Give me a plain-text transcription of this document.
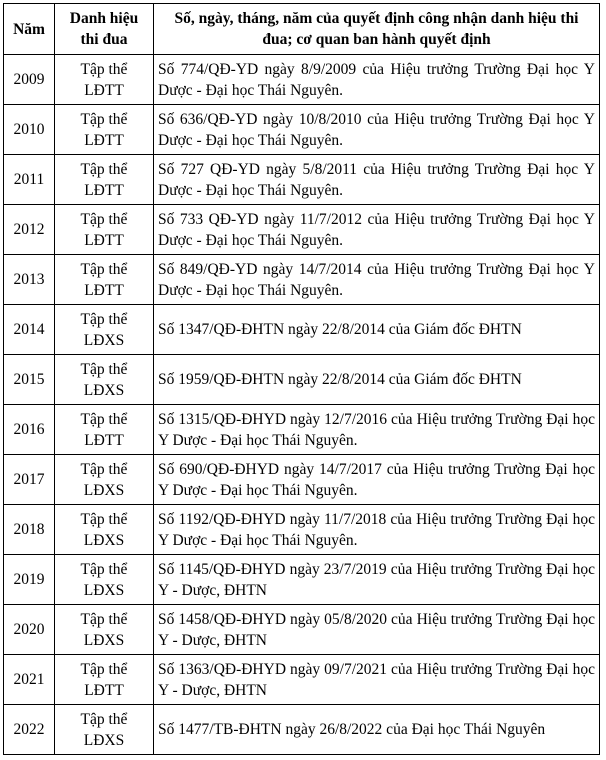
Năm	Danh hiệu thi đua	Số, ngày, tháng, năm của quyết định công nhận danh hiệu thi đua; cơ quan ban hành quyết định
2009	Tập thể LĐTT	Số 774/QĐ-YD ngày 8/9/2009 của Hiệu trưởng Trường Đại học Y Dược - Đại học Thái Nguyên.
2010	Tập thể LĐTT	Số 636/QĐ-YD ngày 10/8/2010 của Hiệu trưởng Trường Đại học Y Dược - Đại học Thái Nguyên.
2011	Tập thể LĐTT	Số 727 QĐ-YD ngày 5/8/2011 của Hiệu trưởng Trường Đại học Y Dược - Đại học Thái Nguyên.
2012	Tập thể LĐTT	Số 733 QĐ-YD ngày 11/7/2012 của Hiệu trưởng Trường Đại học Y Dược - Đại học Thái Nguyên.
2013	Tập thể LĐTT	Số 849/QĐ-YD ngày 14/7/2014 của Hiệu trưởng Trường Đại học Y Dược - Đại học Thái Nguyên.
2014	Tập thể LĐXS	Số 1347/QĐ-ĐHTN ngày 22/8/2014 của Giám đốc ĐHTN
2015	Tập thể LĐXS	Số 1959/QĐ-ĐHTN ngày 22/8/2014 của Giám đốc ĐHTN
2016	Tập thể LĐTT	Số 1315/QĐ-ĐHYD ngày 12/7/2016 của Hiệu trưởng Trường Đại học Y Dược - Đại học Thái Nguyên.
2017	Tập thể LĐXS	Số 690/QĐ-ĐHYD ngày 14/7/2017 của Hiệu trưởng Trường Đại học Y Dược - Đại học Thái Nguyên.
2018	Tập thể LĐXS	Số 1192/QĐ-ĐHYD ngày 11/7/2018 của Hiệu trưởng Trường Đại học Y Dược - Đại học Thái Nguyên.
2019	Tập thể LĐXS	Số 1145/QĐ-ĐHYD ngày 23/7/2019 của Hiệu trưởng Trường Đại học Y - Dược, ĐHTN
2020	Tập thể LĐXS	Số 1458/QĐ-ĐHYD ngày 05/8/2020 của Hiệu trưởng Trường Đại học Y - Dược, ĐHTN
2021	Tập thể LĐTT	Số 1363/QĐ-ĐHYD ngày 09/7/2021 của Hiệu trưởng Trường Đại học Y - Dược, ĐHTN
2022	Tập thể LĐXS	Số 1477/TB-ĐHTN ngày 26/8/2022 của Đại học Thái Nguyên
